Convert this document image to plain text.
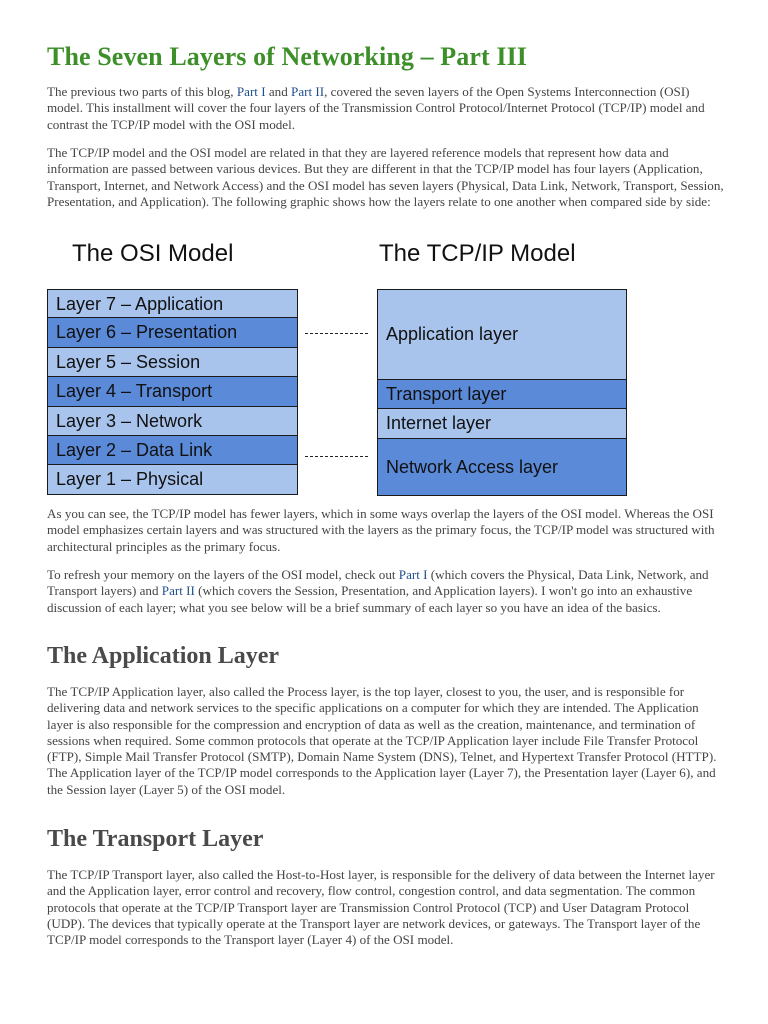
The Seven Layers of Networking – Part III

The previous two parts of this blog, Part I and Part II, covered the seven layers of the Open Systems Interconnection (OSI) model. This installment will cover the four layers of the Transmission Control Protocol/Internet Protocol (TCP/IP) model and contrast the TCP/IP model with the OSI model.

The TCP/IP model and the OSI model are related in that they are layered reference models that represent how data and information are passed between various devices. But they are different in that the TCP/IP model has four layers (Application, Transport, Internet, and Network Access) and the OSI model has seven layers (Physical, Data Link, Network, Transport, Session, Presentation, and Application). The following graphic shows how the layers relate to one another when compared side by side:

The OSI Model	The TCP/IP Model
Layer 7 – Application
Layer 6 – Presentation
Layer 5 – Session
Layer 4 – Transport
Layer 3 – Network
Layer 2 – Data Link
Layer 1 – Physical
Application layer
Transport layer
Internet layer
Network Access layer

As you can see, the TCP/IP model has fewer layers, which in some ways overlap the layers of the OSI model. Whereas the OSI model emphasizes certain layers and was structured with the layers as the primary focus, the TCP/IP model was structured with architectural principles as the primary focus.

To refresh your memory on the layers of the OSI model, check out Part I (which covers the Physical, Data Link, Network, and Transport layers) and Part II (which covers the Session, Presentation, and Application layers). I won't go into an exhaustive discussion of each layer; what you see below will be a brief summary of each layer so you have an idea of the basics.

The Application Layer

The TCP/IP Application layer, also called the Process layer, is the top layer, closest to you, the user, and is responsible for delivering data and network services to the specific applications on a computer for which they are intended. The Application layer is also responsible for the compression and encryption of data as well as the creation, maintenance, and termination of sessions when required. Some common protocols that operate at the TCP/IP Application layer include File Transfer Protocol (FTP), Simple Mail Transfer Protocol (SMTP), Domain Name System (DNS), Telnet, and Hypertext Transfer Protocol (HTTP). The Application layer of the TCP/IP model corresponds to the Application layer (Layer 7), the Presentation layer (Layer 6), and the Session layer (Layer 5) of the OSI model.

The Transport Layer

The TCP/IP Transport layer, also called the Host-to-Host layer, is responsible for the delivery of data between the Internet layer and the Application layer, error control and recovery, flow control, congestion control, and data segmentation. The common protocols that operate at the TCP/IP Transport layer are Transmission Control Protocol (TCP) and User Datagram Protocol (UDP). The devices that typically operate at the Transport layer are network devices, or gateways. The Transport layer of the TCP/IP model corresponds to the Transport layer (Layer 4) of the OSI model.
